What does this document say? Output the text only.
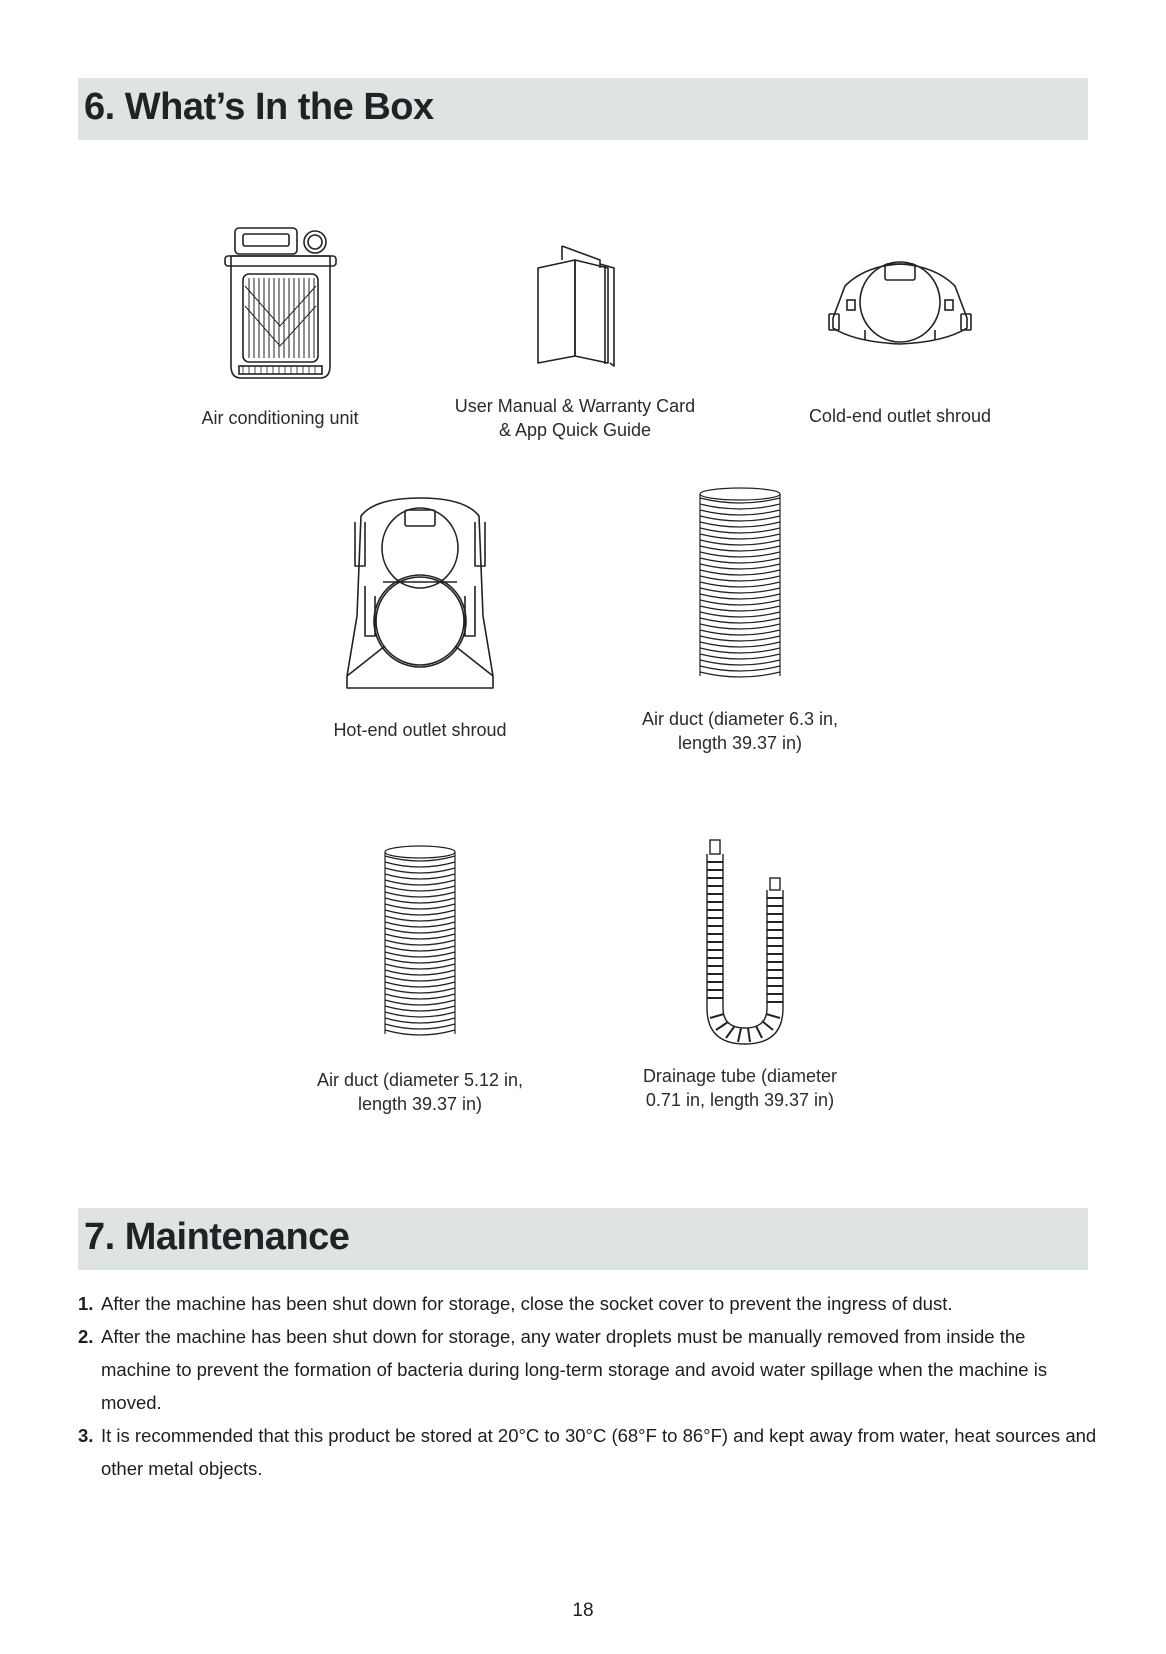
6. What’s In the Box
Air conditioning unit
User Manual & Warranty Card
& App Quick Guide
Cold-end outlet shroud
Hot-end outlet shroud
Air duct (diameter 6.3 in,
length 39.37 in)
Air duct (diameter 5.12 in,
length 39.37 in)
Drainage tube (diameter
0.71 in, length 39.37 in)
7. Maintenance
1. After the machine has been shut down for storage, close the socket cover to prevent the ingress of dust.
2. After the machine has been shut down for storage, any water droplets must be manually removed from inside the machine to prevent the formation of bacteria during long-term storage and avoid water spillage when the machine is moved.
3. It is recommended that this product be stored at 20°C to 30°C (68°F to 86°F) and kept away from water, heat sources and other metal objects.
18
